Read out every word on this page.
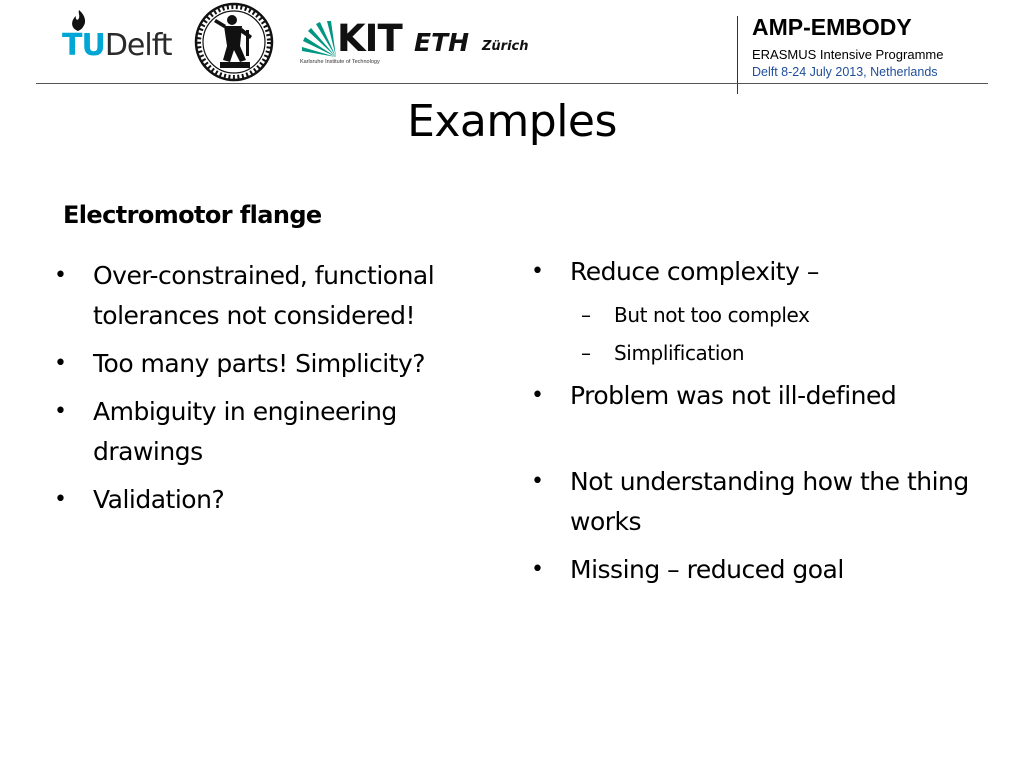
TUDelft	KIT
Karlsruhe Institute of Technology
ETH Zürich
AMP-EMBODY
ERASMUS Intensive Programme
Delft 8-24 July 2013, Netherlands
Examples
Electromotor flange
• Over-constrained, functional tolerances not considered!
• Too many parts! Simplicity?
• Ambiguity in engineering drawings
• Validation?
• Reduce complexity –
– But not too complex
– Simplification
• Problem was not ill-defined
• Not understanding how the thing works
• Missing – reduced goal
